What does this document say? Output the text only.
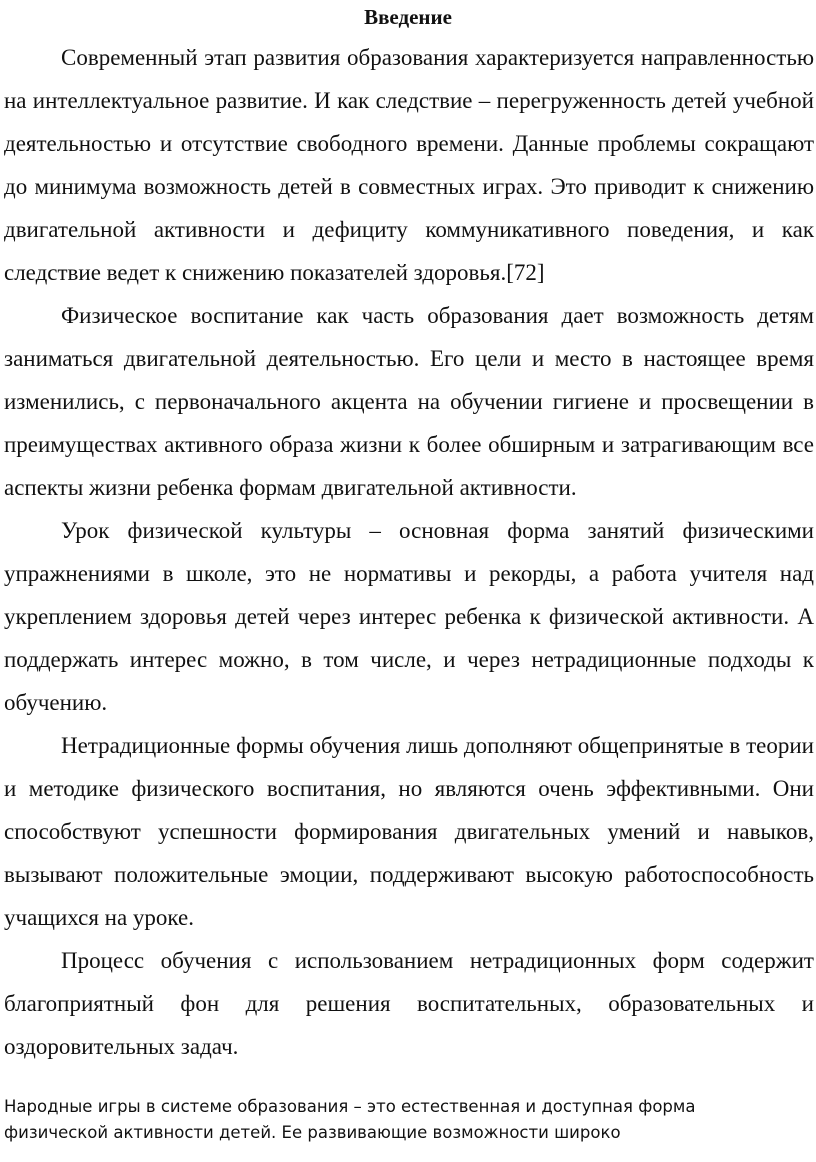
Введение

Современный этап развития образования характеризуется направленностью на интеллектуальное развитие. И как следствие – перегруженность детей учебной деятельностью и отсутствие свободного времени. Данные проблемы сокращают до минимума возможность детей в совместных играх. Это приводит к снижению двигательной активности и дефициту коммуникативного поведения, и как следствие ведет к снижению показателей здоровья.[72]

Физическое воспитание как часть образования дает возможность детям заниматься двигательной деятельностью. Его цели и место в настоящее время изменились, с первоначального акцента на обучении гигиене и просвещении в преимуществах активного образа жизни к более обширным и затрагивающим все аспекты жизни ребенка формам двигательной активности.

Урок физической культуры – основная форма занятий физическими упражнениями в школе, это не нормативы и рекорды, а работа учителя над укреплением здоровья детей через интерес ребенка к физической активности. А поддержать интерес можно, в том числе, и через нетрадиционные подходы к обучению.

Нетрадиционные формы обучения лишь дополняют общепринятые в теории и методике физического воспитания, но являются очень эффективными. Они способствуют успешности формирования двигательных умений и навыков, вызывают положительные эмоции, поддерживают высокую работоспособность учащихся на уроке.

Процесс обучения с использованием нетрадиционных форм содержит благоприятный фон для решения воспитательных, образовательных и оздоровительных задач.

Народные игры в системе образования – это естественная и доступная форма физической активности детей. Ее развивающие возможности широко
